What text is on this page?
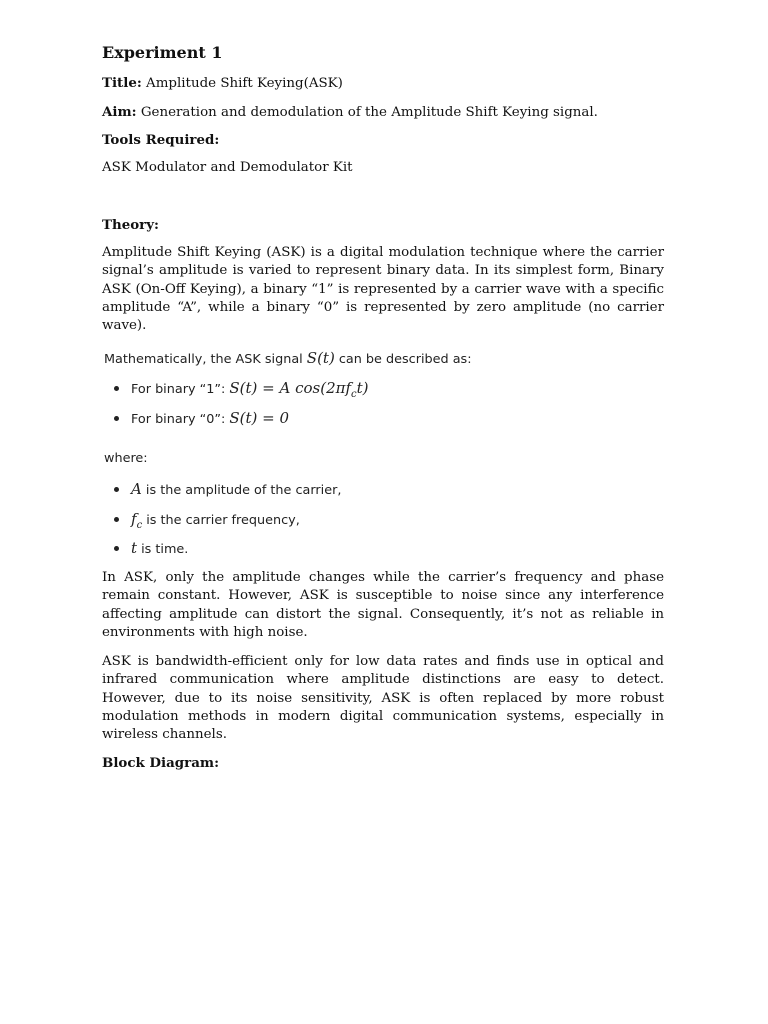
Experiment 1

Title: Amplitude Shift Keying(ASK)

Aim: Generation and demodulation of the Amplitude Shift Keying signal.

Tools Required:

ASK Modulator and Demodulator Kit

Theory:

Amplitude Shift Keying (ASK) is a digital modulation technique where the carrier signal’s amplitude is varied to represent binary data. In its simplest form, Binary ASK (On-Off Keying), a binary “1” is represented by a carrier wave with a specific amplitude “A”, while a binary “0” is represented by zero amplitude (no carrier wave).

Mathematically, the ASK signal S(t) can be described as:
For binary “1”: S(t) = A $\cos(2\pi f_ct)$
For binary “0”: S(t) = 0
where:
A is the amplitude of the carrier,
$f_c$ is the carrier frequency,
t is time.

In ASK, only the amplitude changes while the carrier’s frequency and phase remain constant. However, ASK is susceptible to noise since any interference affecting amplitude can distort the signal. Consequently, it’s not as reliable in environments with high noise.

ASK is bandwidth-efficient only for low data rates and finds use in optical and infrared communication where amplitude distinctions are easy to detect. However, due to its noise sensitivity, ASK is often replaced by more robust modulation methods in modern digital communication systems, especially in wireless channels.

Block Diagram:
